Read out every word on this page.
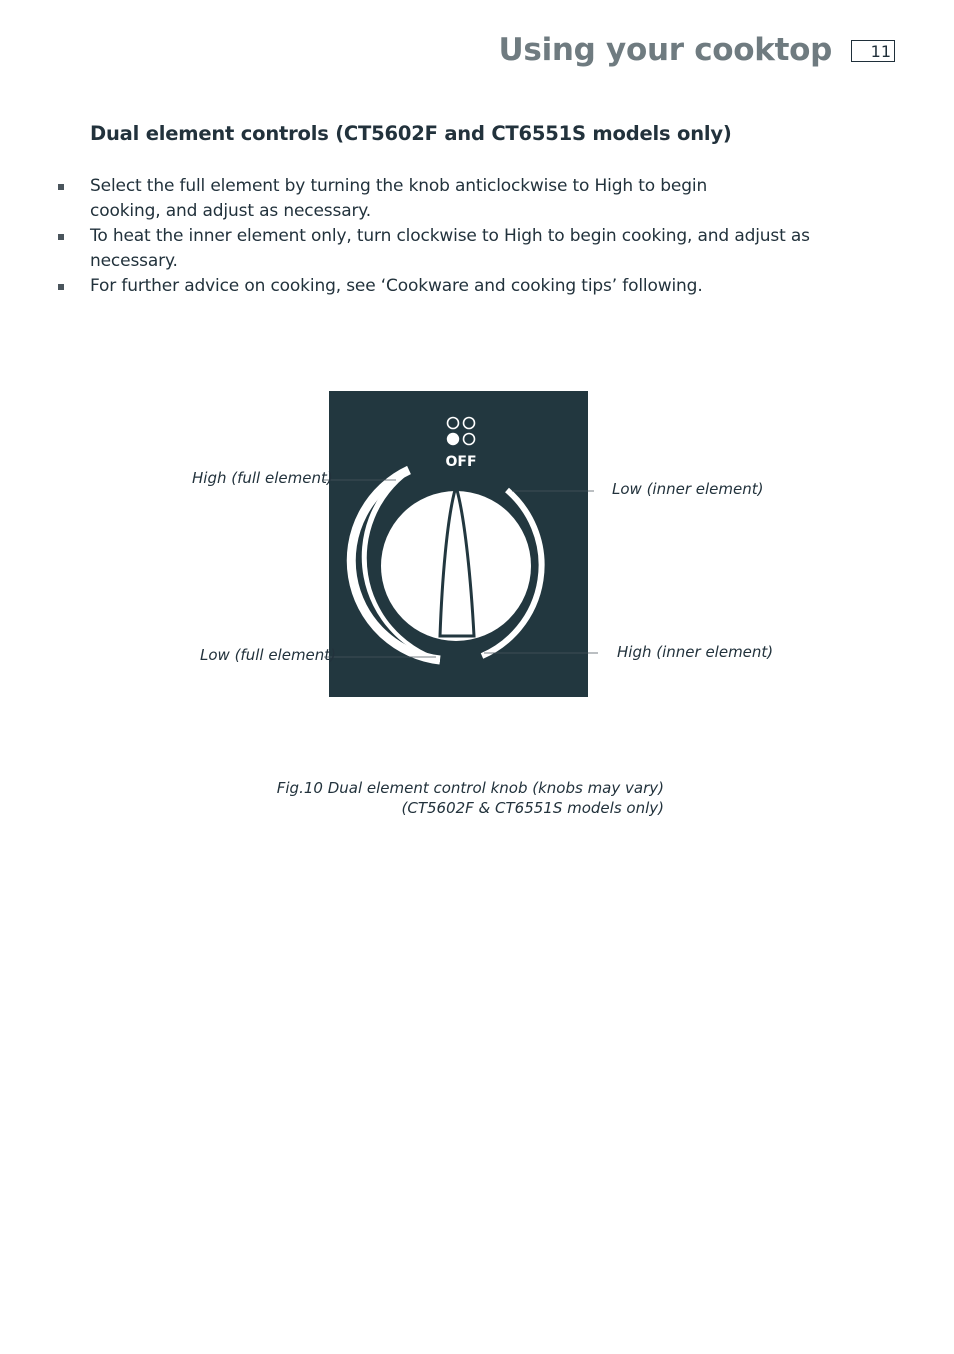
Using your cooktop	11
Dual element controls (CT5602F and CT6551S models only)
Select the full element by turning the knob anticlockwise to High to begin
cooking, and adjust as necessary.
To heat the inner element only, turn clockwise to High to begin cooking, and adjust as
necessary.
For further advice on cooking, see ‘Cookware and cooking tips’ following.
OFF
High (full element)
Low (inner element)
Low (full element)	High (inner element)
Fig.10 Dual element control knob (knobs may vary)
(CT5602F & CT6551S models only)
